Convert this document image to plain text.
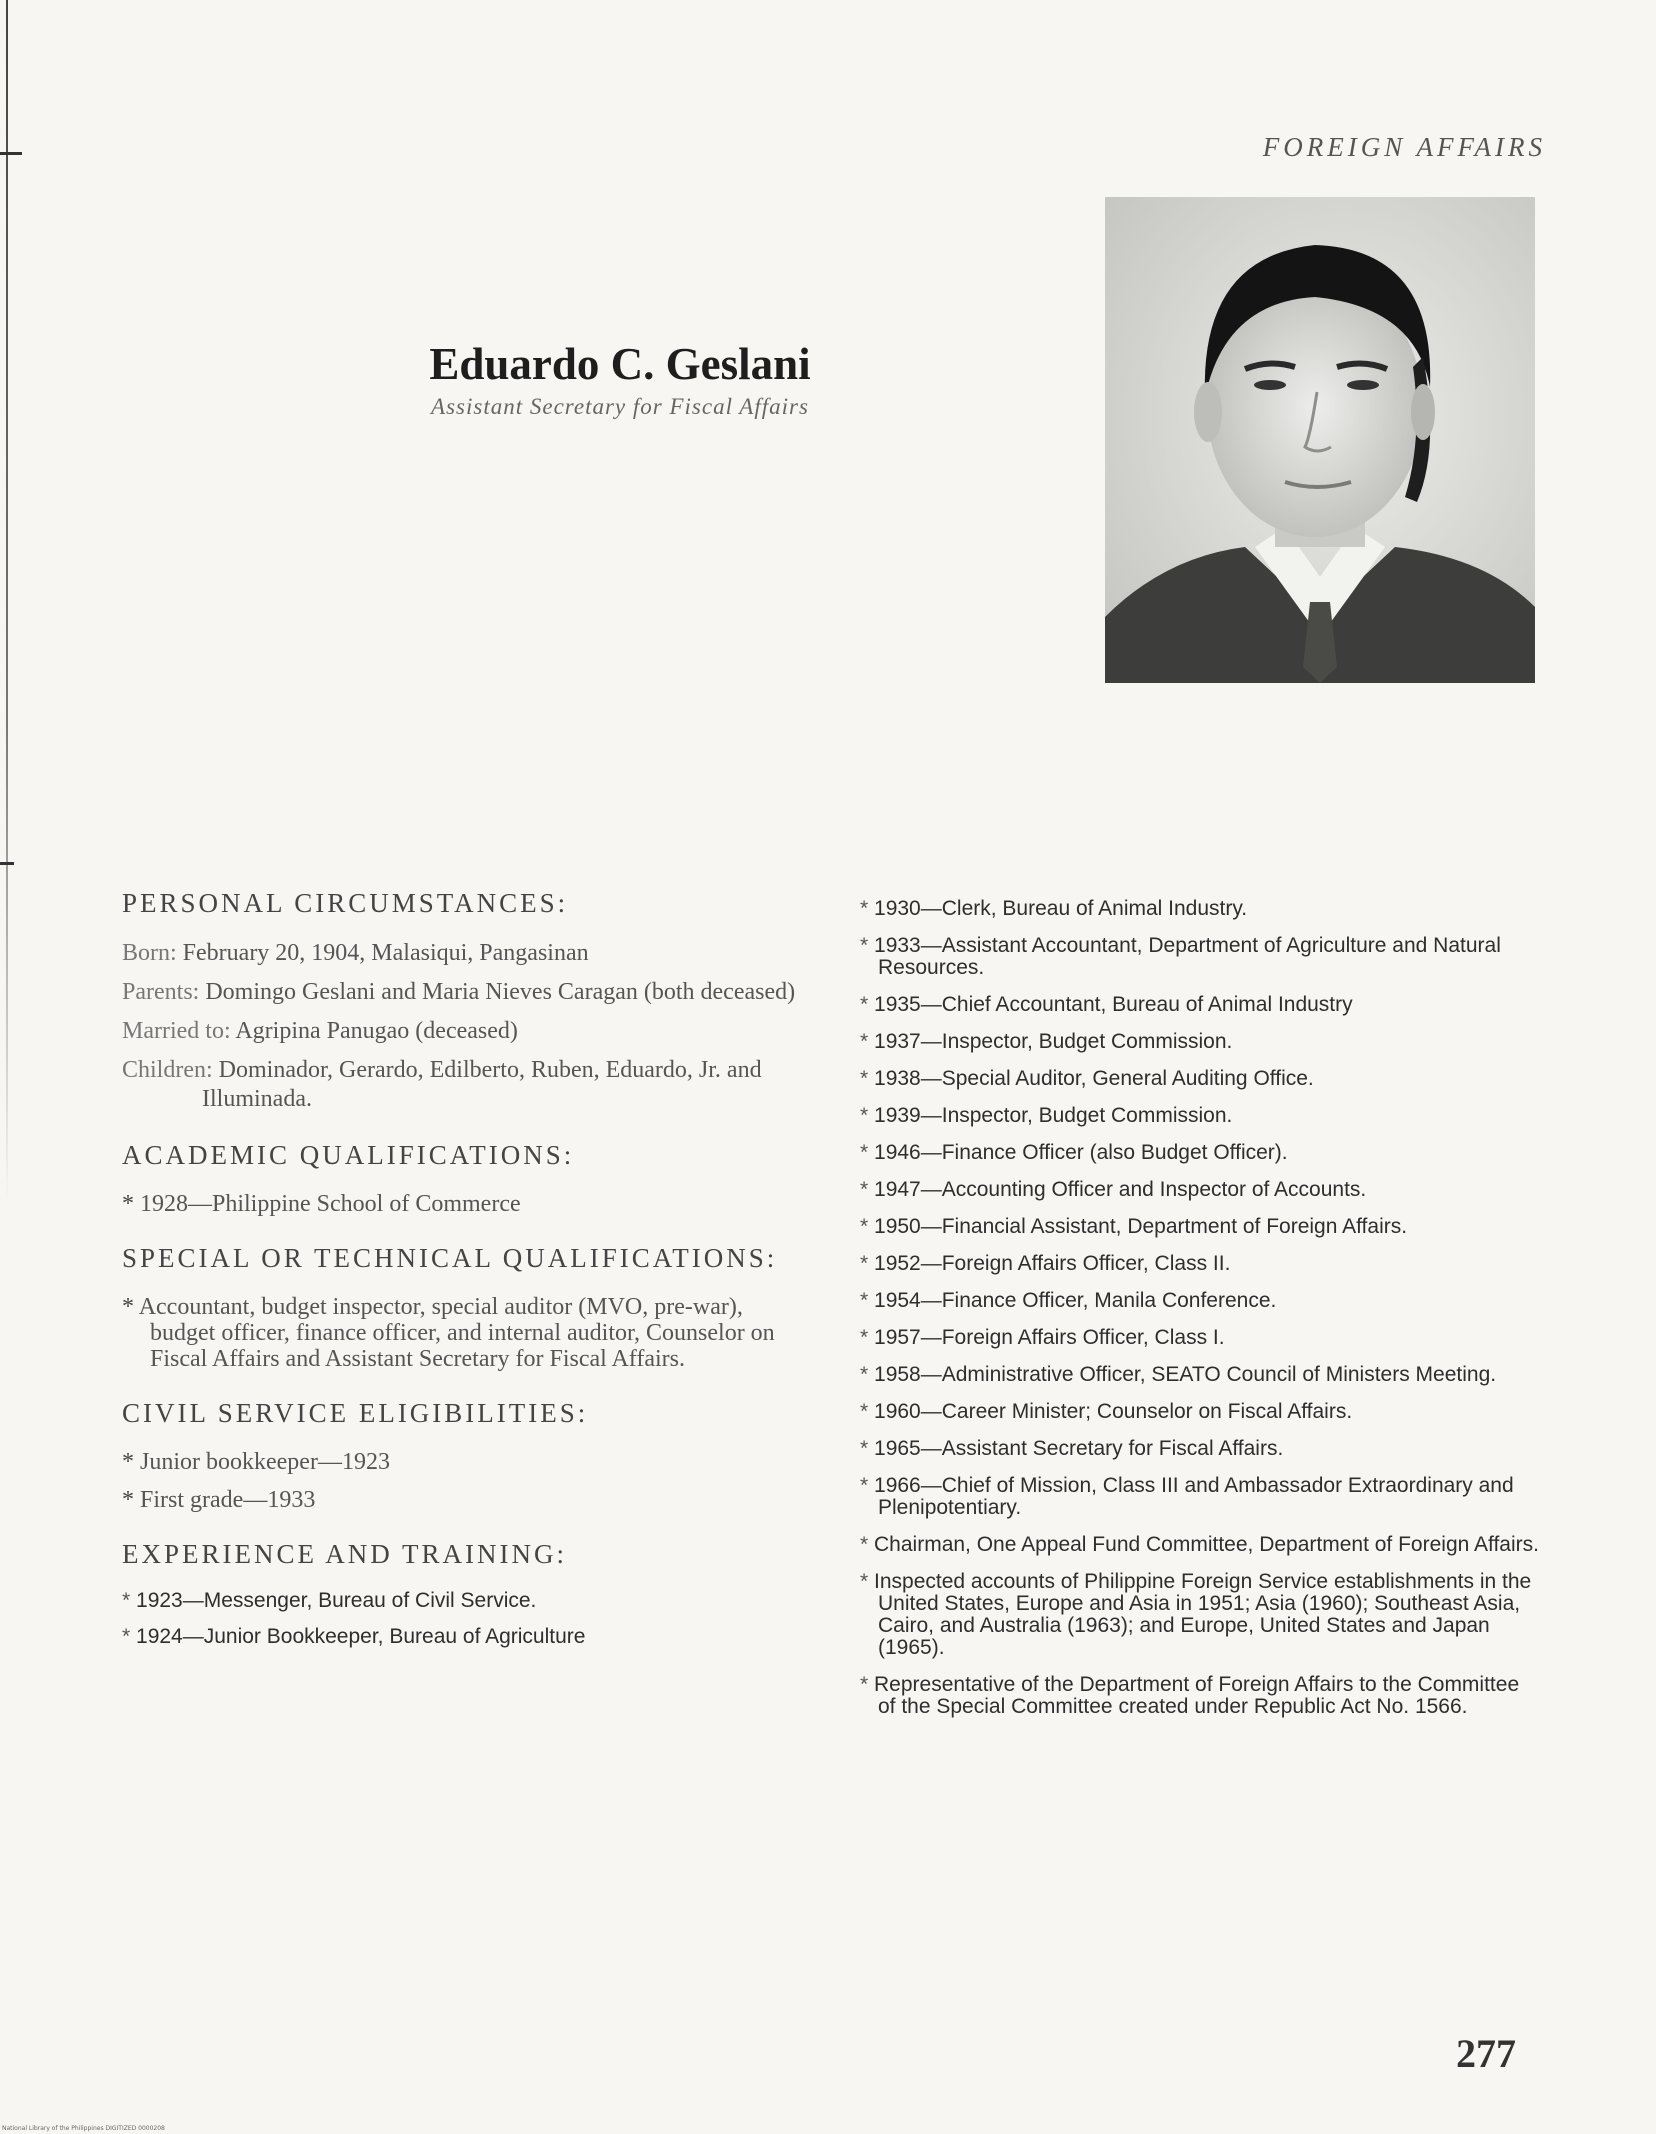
FOREIGN AFFAIRS
Eduardo C. Geslani
Assistant Secretary for Fiscal Affairs
PERSONAL CIRCUMSTANCES:
Born: February 20, 1904, Malasiqui, Pangasinan
Parents: Domingo Geslani and Maria Nieves Caragan (both deceased)
Married to: Agripina Panugao (deceased)
Children: Dominador, Gerardo, Edilberto, Ruben, Eduardo, Jr. and Illuminada.
ACADEMIC QUALIFICATIONS:
* 1928—Philippine School of Commerce
SPECIAL OR TECHNICAL QUALIFICATIONS:
* Accountant, budget inspector, special auditor (MVO, pre-war), budget officer, finance officer, and internal auditor, Counselor on Fiscal Affairs and Assistant Secretary for Fiscal Affairs.
CIVIL SERVICE ELIGIBILITIES:
* Junior bookkeeper—1923
* First grade—1933
EXPERIENCE AND TRAINING:
* 1923—Messenger, Bureau of Civil Service.
* 1924—Junior Bookkeeper, Bureau of Agriculture
* 1930—Clerk, Bureau of Animal Industry.
* 1933—Assistant Accountant, Department of Agriculture and Natural Resources.
* 1935—Chief Accountant, Bureau of Animal Industry
* 1937—Inspector, Budget Commission.
* 1938—Special Auditor, General Auditing Office.
* 1939—Inspector, Budget Commission.
* 1946—Finance Officer (also Budget Officer).
* 1947—Accounting Officer and Inspector of Accounts.
* 1950—Financial Assistant, Department of Foreign Affairs.
* 1952—Foreign Affairs Officer, Class II.
* 1954—Finance Officer, Manila Conference.
* 1957—Foreign Affairs Officer, Class I.
* 1958—Administrative Officer, SEATO Council of Ministers Meeting.
* 1960—Career Minister; Counselor on Fiscal Affairs.
* 1965—Assistant Secretary for Fiscal Affairs.
* 1966—Chief of Mission, Class III and Ambassador Extraordinary and Plenipotentiary.
* Chairman, One Appeal Fund Committee, Department of Foreign Affairs.
* Inspected accounts of Philippine Foreign Service establishments in the United States, Europe and Asia in 1951; Asia (1960); Southeast Asia, Cairo, and Australia (1963); and Europe, United States and Japan (1965).
* Representative of the Department of Foreign Affairs to the Committee of the Special Committee created under Republic Act No. 1566.
277
National Library of the Philippines DIGITIZED 0000208
